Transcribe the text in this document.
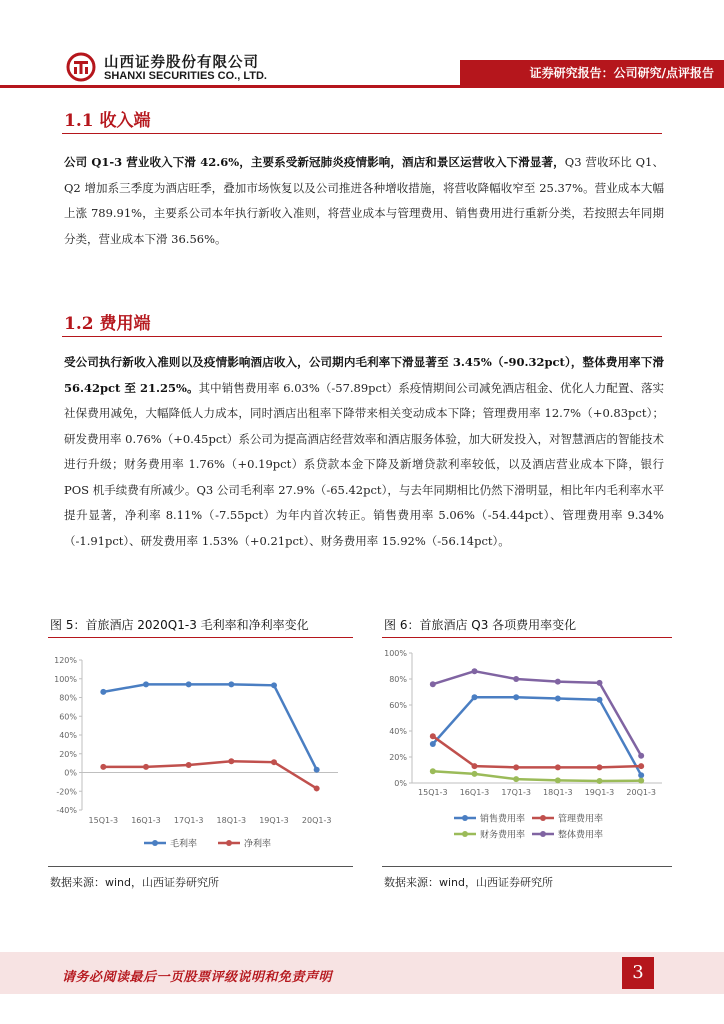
山西证券股份有限公司
SHANXI SECURITIES CO., LTD.	证券研究报告：公司研究/点评报告
1.1 收入端
公司 Q1-3 营业收入下滑 42.6%，主要系受新冠肺炎疫情影响，酒店和景区运营收入下滑显著，Q3 营收环比 Q1、Q2 增加系三季度为酒店旺季，叠加市场恢复以及公司推进各种增收措施，将营收降幅收窄至 25.37%。营业成本大幅上涨 789.91%，主要系公司本年执行新收入准则，将营业成本与管理费用、销售费用进行重新分类，若按照去年同期分类，营业成本下滑 36.56%。
1.2 费用端
受公司执行新收入准则以及疫情影响酒店收入，公司期内毛利率下滑显著至 3.45%（-90.32pct），整体费用率下滑 56.42pct 至 21.25%。其中销售费用率 6.03%（-57.89pct）系疫情期间公司减免酒店租金、优化人力配置、落实社保费用减免，大幅降低人力成本，同时酒店出租率下降带来相关变动成本下降；管理费用率 12.7%（+0.83pct）；研发费用率 0.76%（+0.45pct）系公司为提高酒店经营效率和酒店服务体验，加大研发投入，对智慧酒店的智能技术进行升级；财务费用率 1.76%（+0.19pct）系贷款本金下降及新增贷款利率较低，以及酒店营业成本下降，银行 POS 机手续费有所减少。Q3 公司毛利率 27.9%（-65.42pct），与去年同期相比仍然下滑明显，相比年内毛利率水平提升显著，净利率 8.11%（-7.55pct）为年内首次转正。销售费用率 5.06%（-54.44pct）、管理费用率 9.34%（-1.91pct）、研发费用率 1.53%（+0.21pct）、财务费用率 15.92%（-56.14pct）。
图 5：首旅酒店 2020Q1-3 毛利率和净利率变化
120%
100%
80%
60%
40%
20%
0%
-20%
-40%
15Q1-3 16Q1-3 17Q1-3 18Q1-3 19Q1-3 20Q1-3
毛利率	净利率
数据来源：wind，山西证券研究所
图 6：首旅酒店 Q3 各项费用率变化
100%
80%
60%
40%
20%
0%
15Q1-3 16Q1-3 17Q1-3 18Q1-3 19Q1-3 20Q1-3
销售费用率	管理费用率
财务费用率	整体费用率
数据来源：wind，山西证券研究所
请务必阅读最后一页股票评级说明和免责声明	3
